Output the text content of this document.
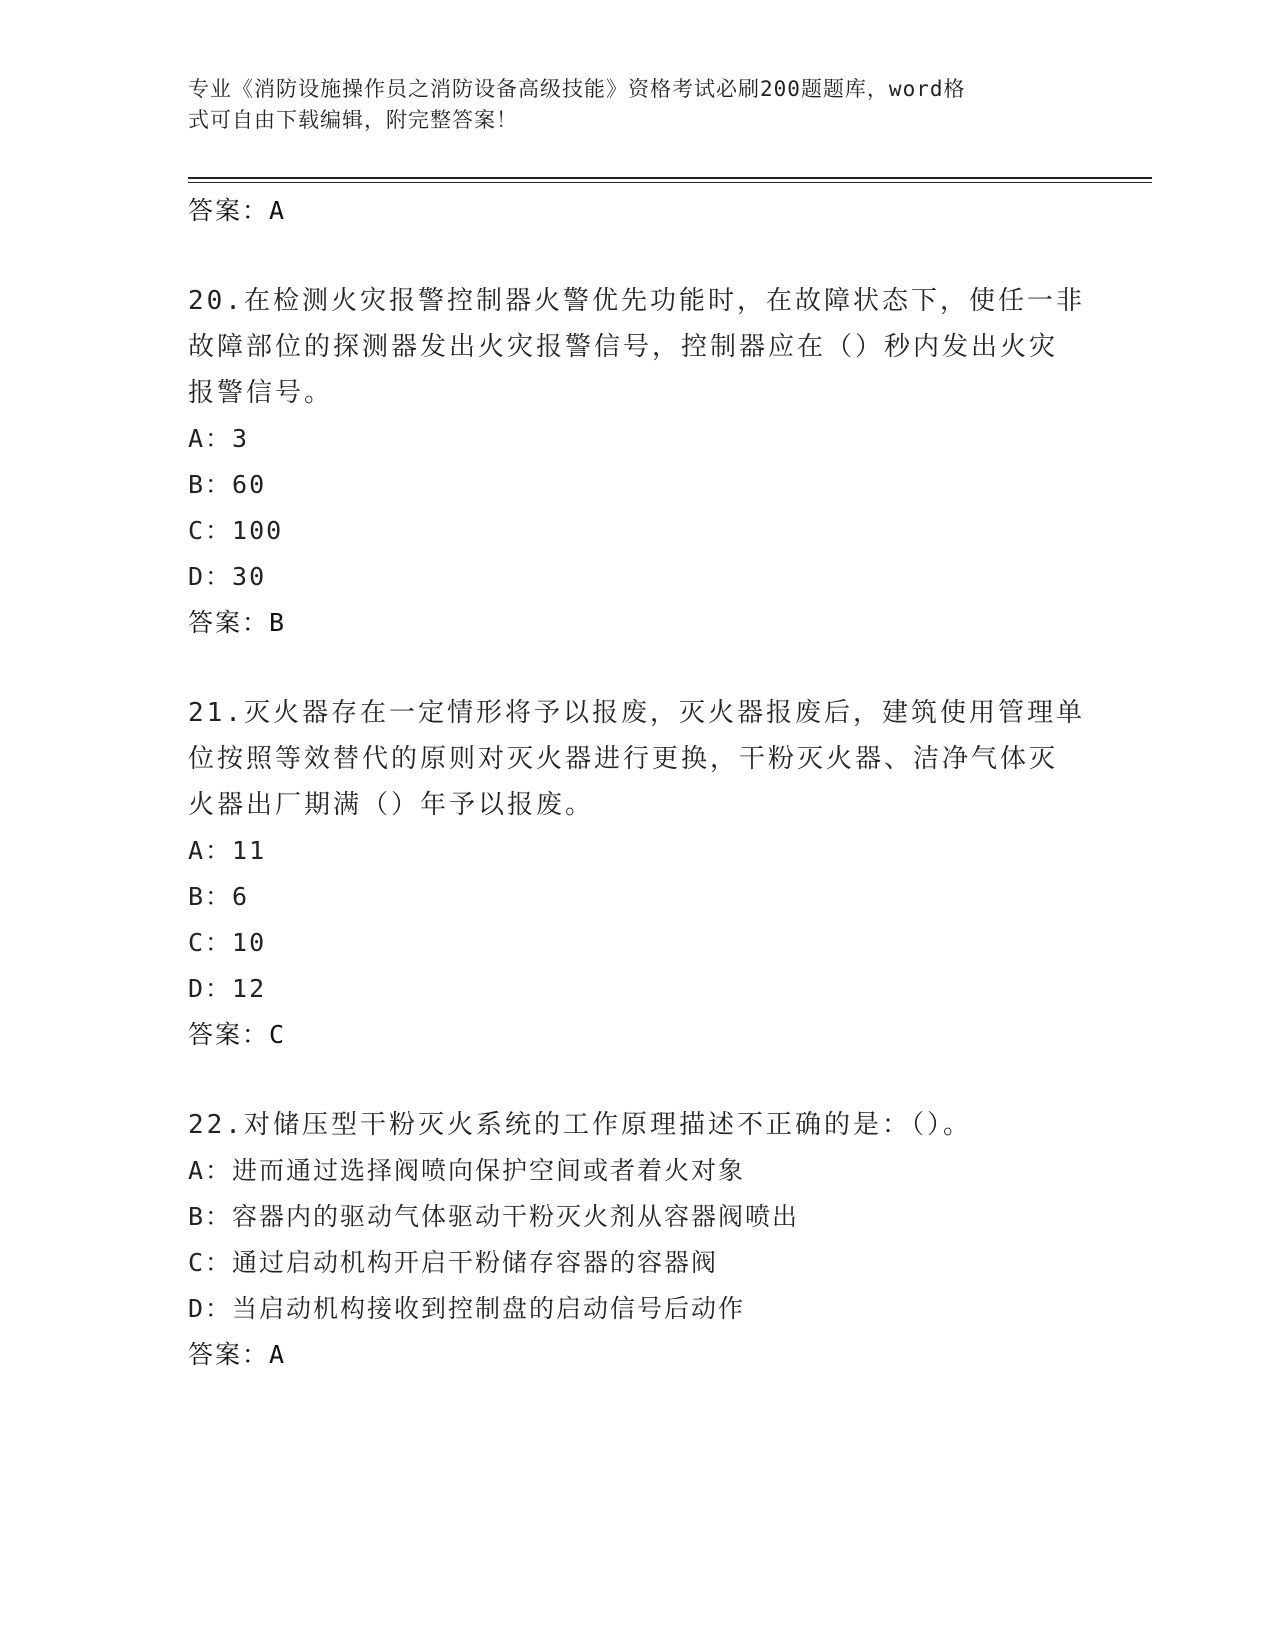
专业《消防设施操作员之消防设备高级技能》资格考试必刷200题题库，word格
式可自由下载编辑，附完整答案！
答案：A
20.在检测火灾报警控制器火警优先功能时，在故障状态下，使任一非
故障部位的探测器发出火灾报警信号，控制器应在（）秒内发出火灾
报警信号。
A：3
B：60
C：100
D：30
答案：B
21.灭火器存在一定情形将予以报废，灭火器报废后，建筑使用管理单
位按照等效替代的原则对灭火器进行更换，干粉灭火器、洁净气体灭
火器出厂期满（）年予以报废。
A：11
B：6
C：10
D：12
答案：C
22.对储压型干粉灭火系统的工作原理描述不正确的是：（）。
A：进而通过选择阀喷向保护空间或者着火对象
B：容器内的驱动气体驱动干粉灭火剂从容器阀喷出
C：通过启动机构开启干粉储存容器的容器阀
D：当启动机构接收到控制盘的启动信号后动作
答案：A
